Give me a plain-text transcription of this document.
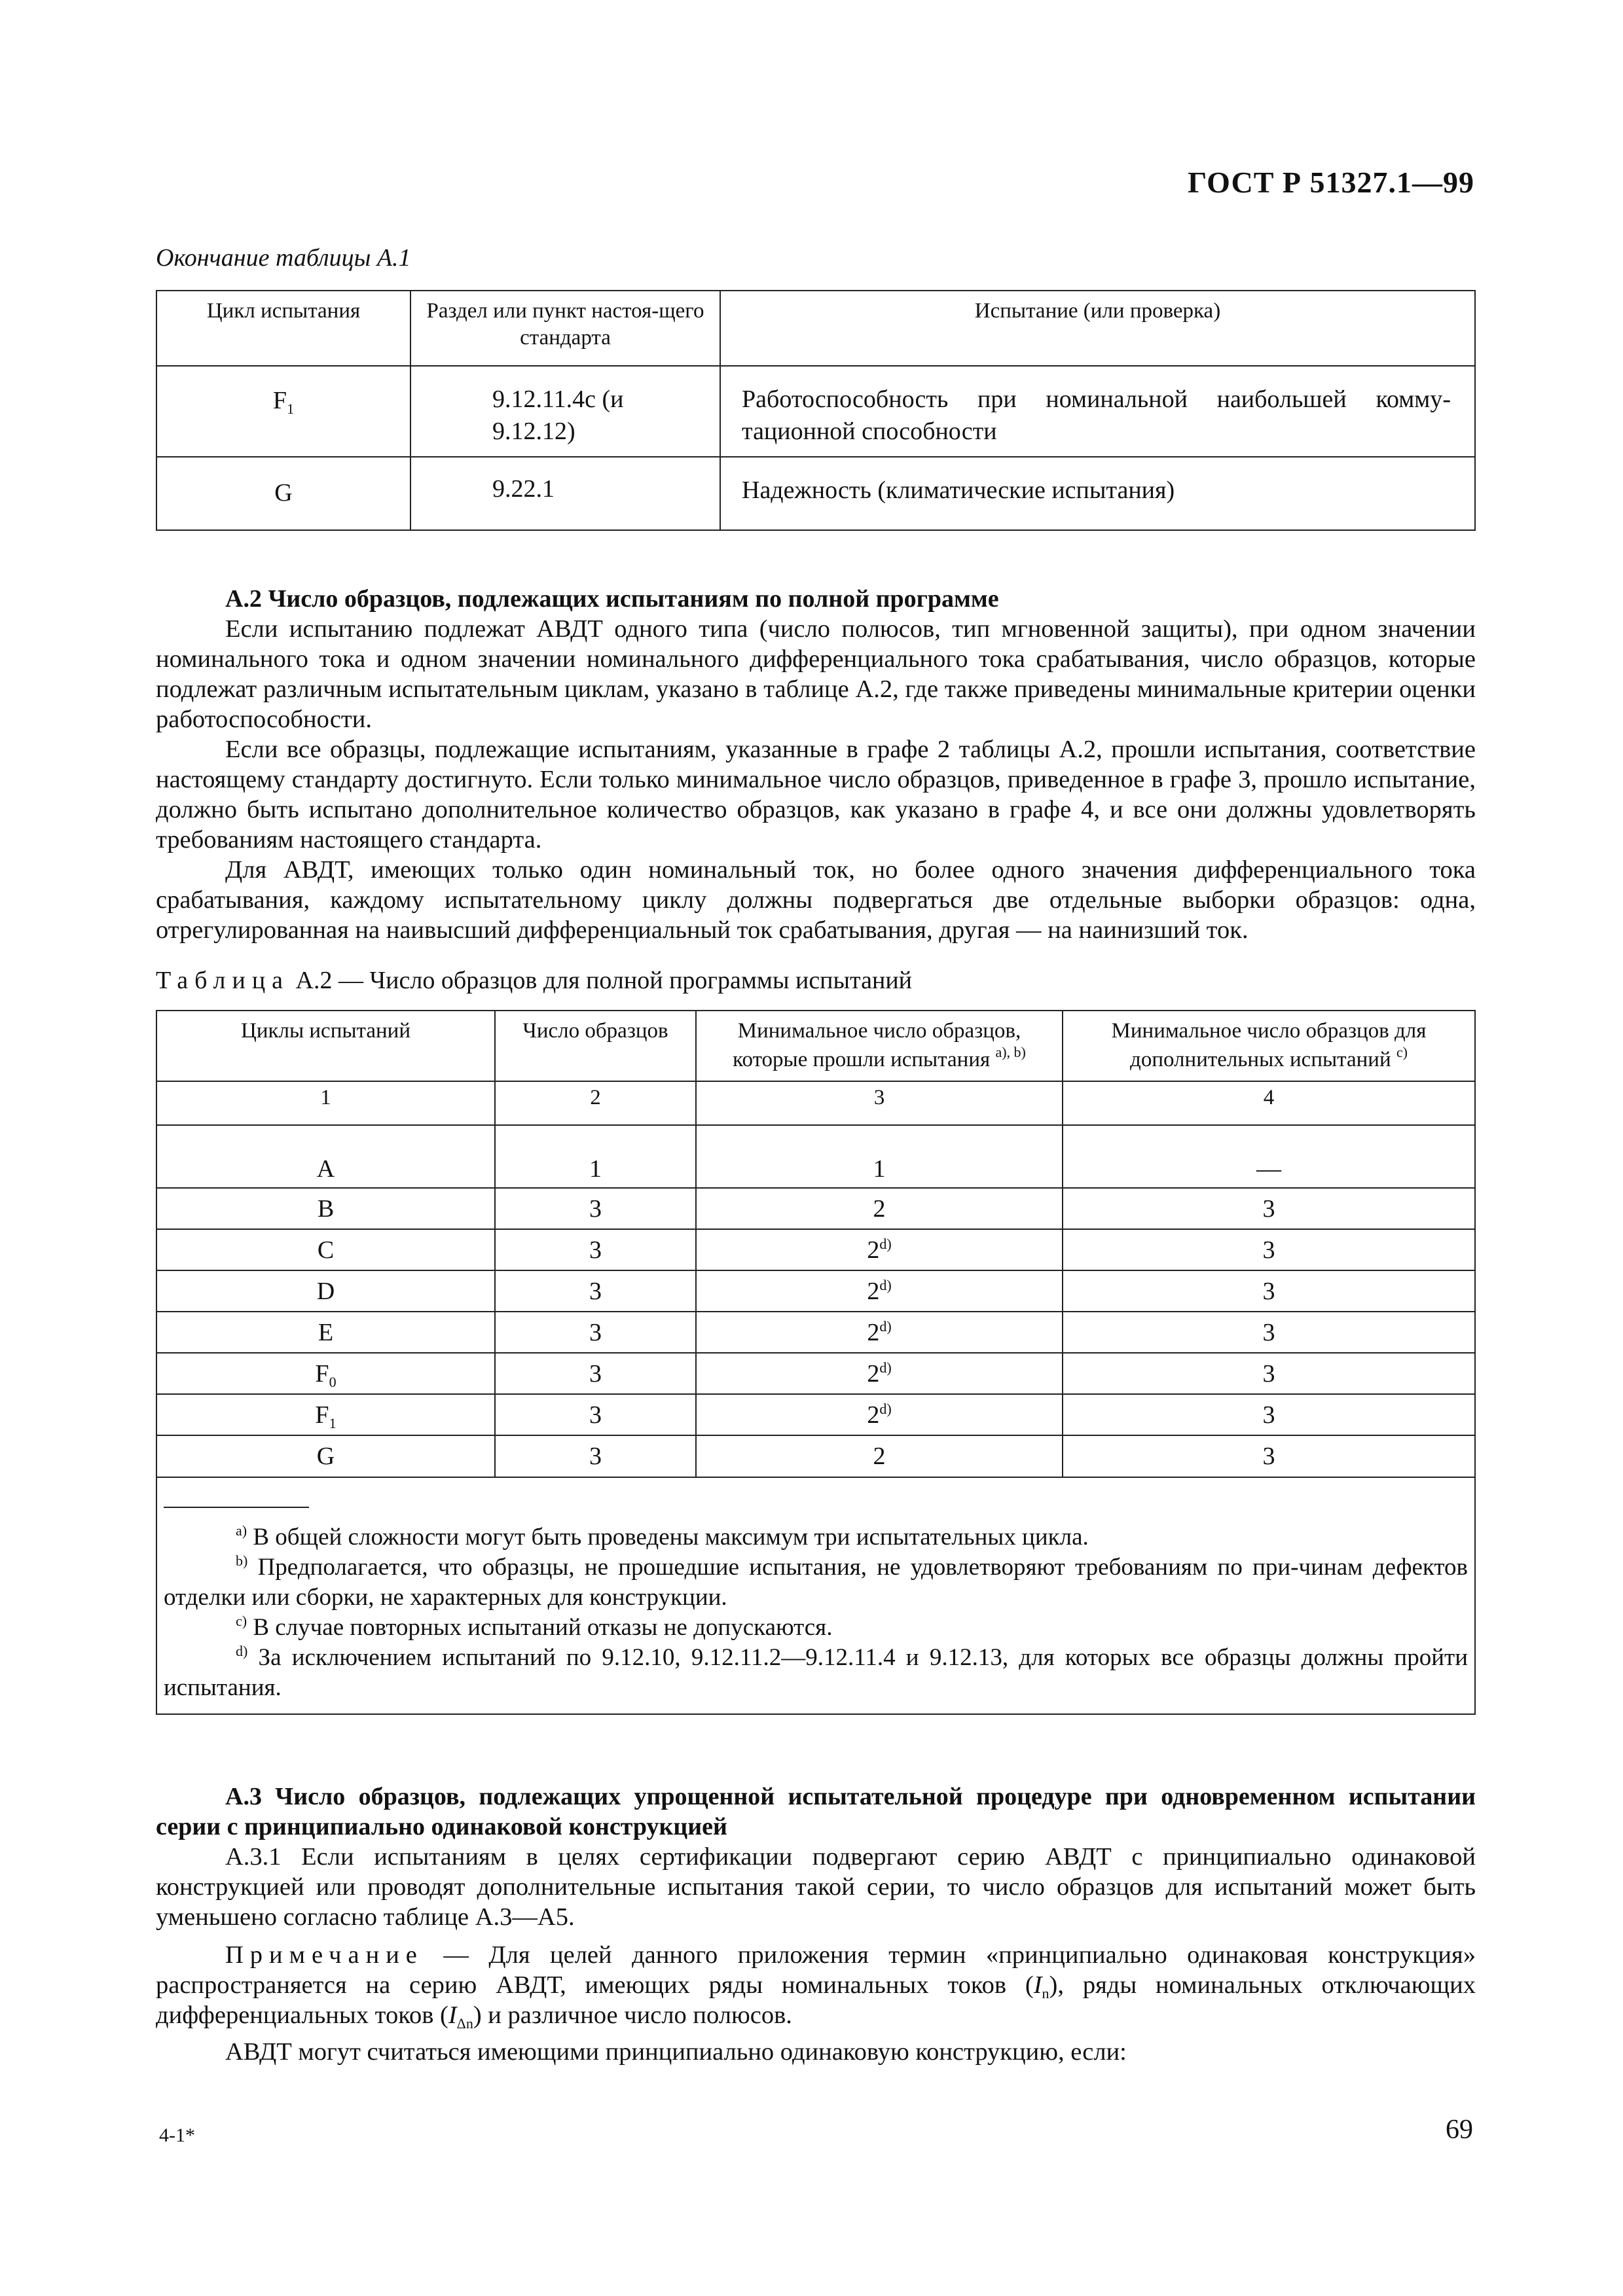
ГОСТ Р 51327.1—99
Окончание таблицы А.1
Цикл испытания	Раздел или пункт настоя-щего стандарта	Испытание (или проверка)
$F_1$	9.12.11.4с (и 9.12.12)	Работоспособность при номинальной наибольшей комму-тационной способности
G	9.22.1	Надежность (климатические испытания)
А.2 Число образцов, подлежащих испытаниям по полной программе
Если испытанию подлежат АВДТ одного типа (число полюсов, тип мгновенной защиты), при одном значении номинального тока и одном значении номинального дифференциального тока срабатывания, число образцов, которые подлежат различным испытательным циклам, указано в таблице А.2, где также приведены минимальные критерии оценки работоспособности.
Если все образцы, подлежащие испытаниям, указанные в графе 2 таблицы А.2, прошли испытания, соответствие настоящему стандарту достигнуто. Если только минимальное число образцов, приведенное в графе 3, прошло испытание, должно быть испытано дополнительное количество образцов, как указано в графе 4, и все они должны удовлетворять требованиям настоящего стандарта.
Для АВДТ, имеющих только один номинальный ток, но более одного значения дифференциального тока срабатывания, каждому испытательному циклу должны подвергаться две отдельные выборки образцов: одна, отрегулированная на наивысший дифференциальный ток срабатывания, другая — на наинизший ток.
Таблица А.2 — Число образцов для полной программы испытаний
Циклы испытаний	Число образцов	Минимальное число образцов, которые прошли испытания $^{а), b)}$	Минимальное число образцов для дополнительных испытаний $^{с)}$
1	2	3	4
A	1	1	—
B	3	2	3
C	3	2$^{d)}$	3
D	3	2$^{d)}$	3
E	3	2$^{d)}$	3
$F_0$	3	2$^{d)}$	3
$F_1$	3	2$^{d)}$	3
G	3	2	3

$^{а)}$ В общей сложности могут быть проведены максимум три испытательных цикла.
$^{b)}$ Предполагается, что образцы, не прошедшие испытания, не удовлетворяют требованиям по при-чинам дефектов отделки или сборки, не характерных для конструкции.
$^{с)}$ В случае повторных испытаний отказы не допускаются.
$^{d)}$ За исключением испытаний по 9.12.10, 9.12.11.2—9.12.11.4 и 9.12.13, для которых все образцы должны пройти испытания.			
А.3 Число образцов, подлежащих упрощенной испытательной процедуре при одновременном испытании серии с принципиально одинаковой конструкцией
А.3.1 Если испытаниям в целях сертификации подвергают серию АВДТ с принципиально одинаковой конструкцией или проводят дополнительные испытания такой серии, то число образцов для испытаний может быть уменьшено согласно таблице А.3—А5.
Примечание — Для целей данного приложения термин «принципиально одинаковая конструкция» распространяется на серию АВДТ, имеющих ряды номинальных токов $(I_n)$, ряды номинальных отключающих дифференциальных токов $(I_{\Delta n})$ и различное число полюсов.
АВДТ могут считаться имеющими принципиально одинаковую конструкцию, если:
4-1*	69
